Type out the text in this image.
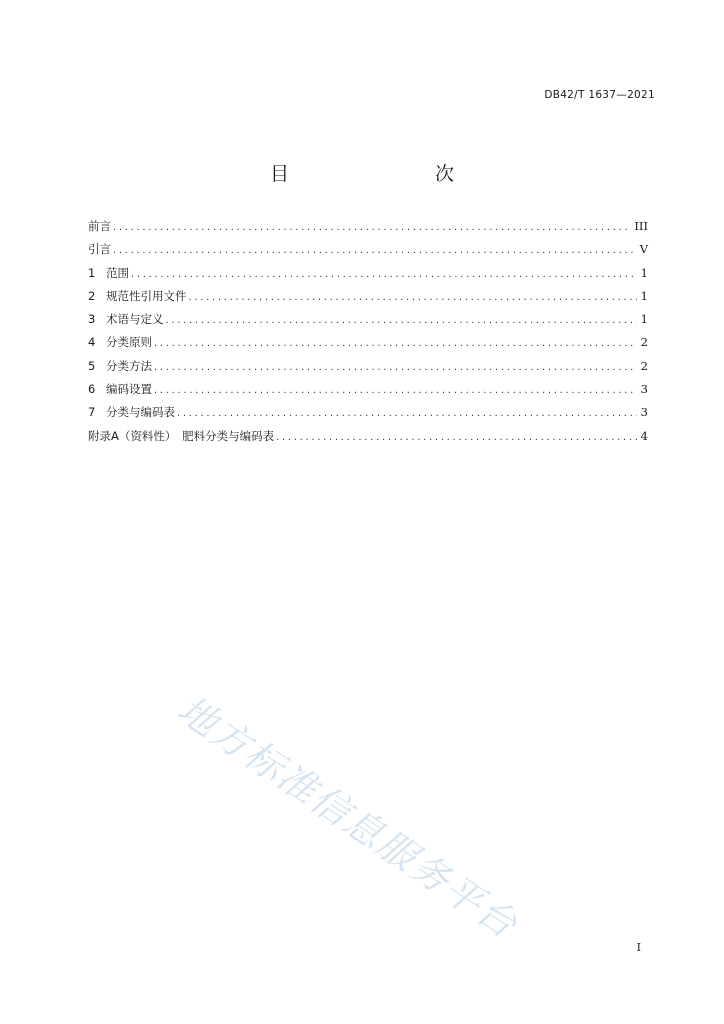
DB42/T 1637—2021
目　　次
前言 .....	III
引言 .....	V
1 范围 .....	1
2 规范性引用文件 .....	1
3 术语与定义 .....	1
4 分类原则 .....	2
5 分类方法 .....	2
6 编码设置 .....	3
7 分类与编码表 .....	3
附录A（资料性）　肥料分类与编码表 .....	4
地方标准信息服务平台
I
